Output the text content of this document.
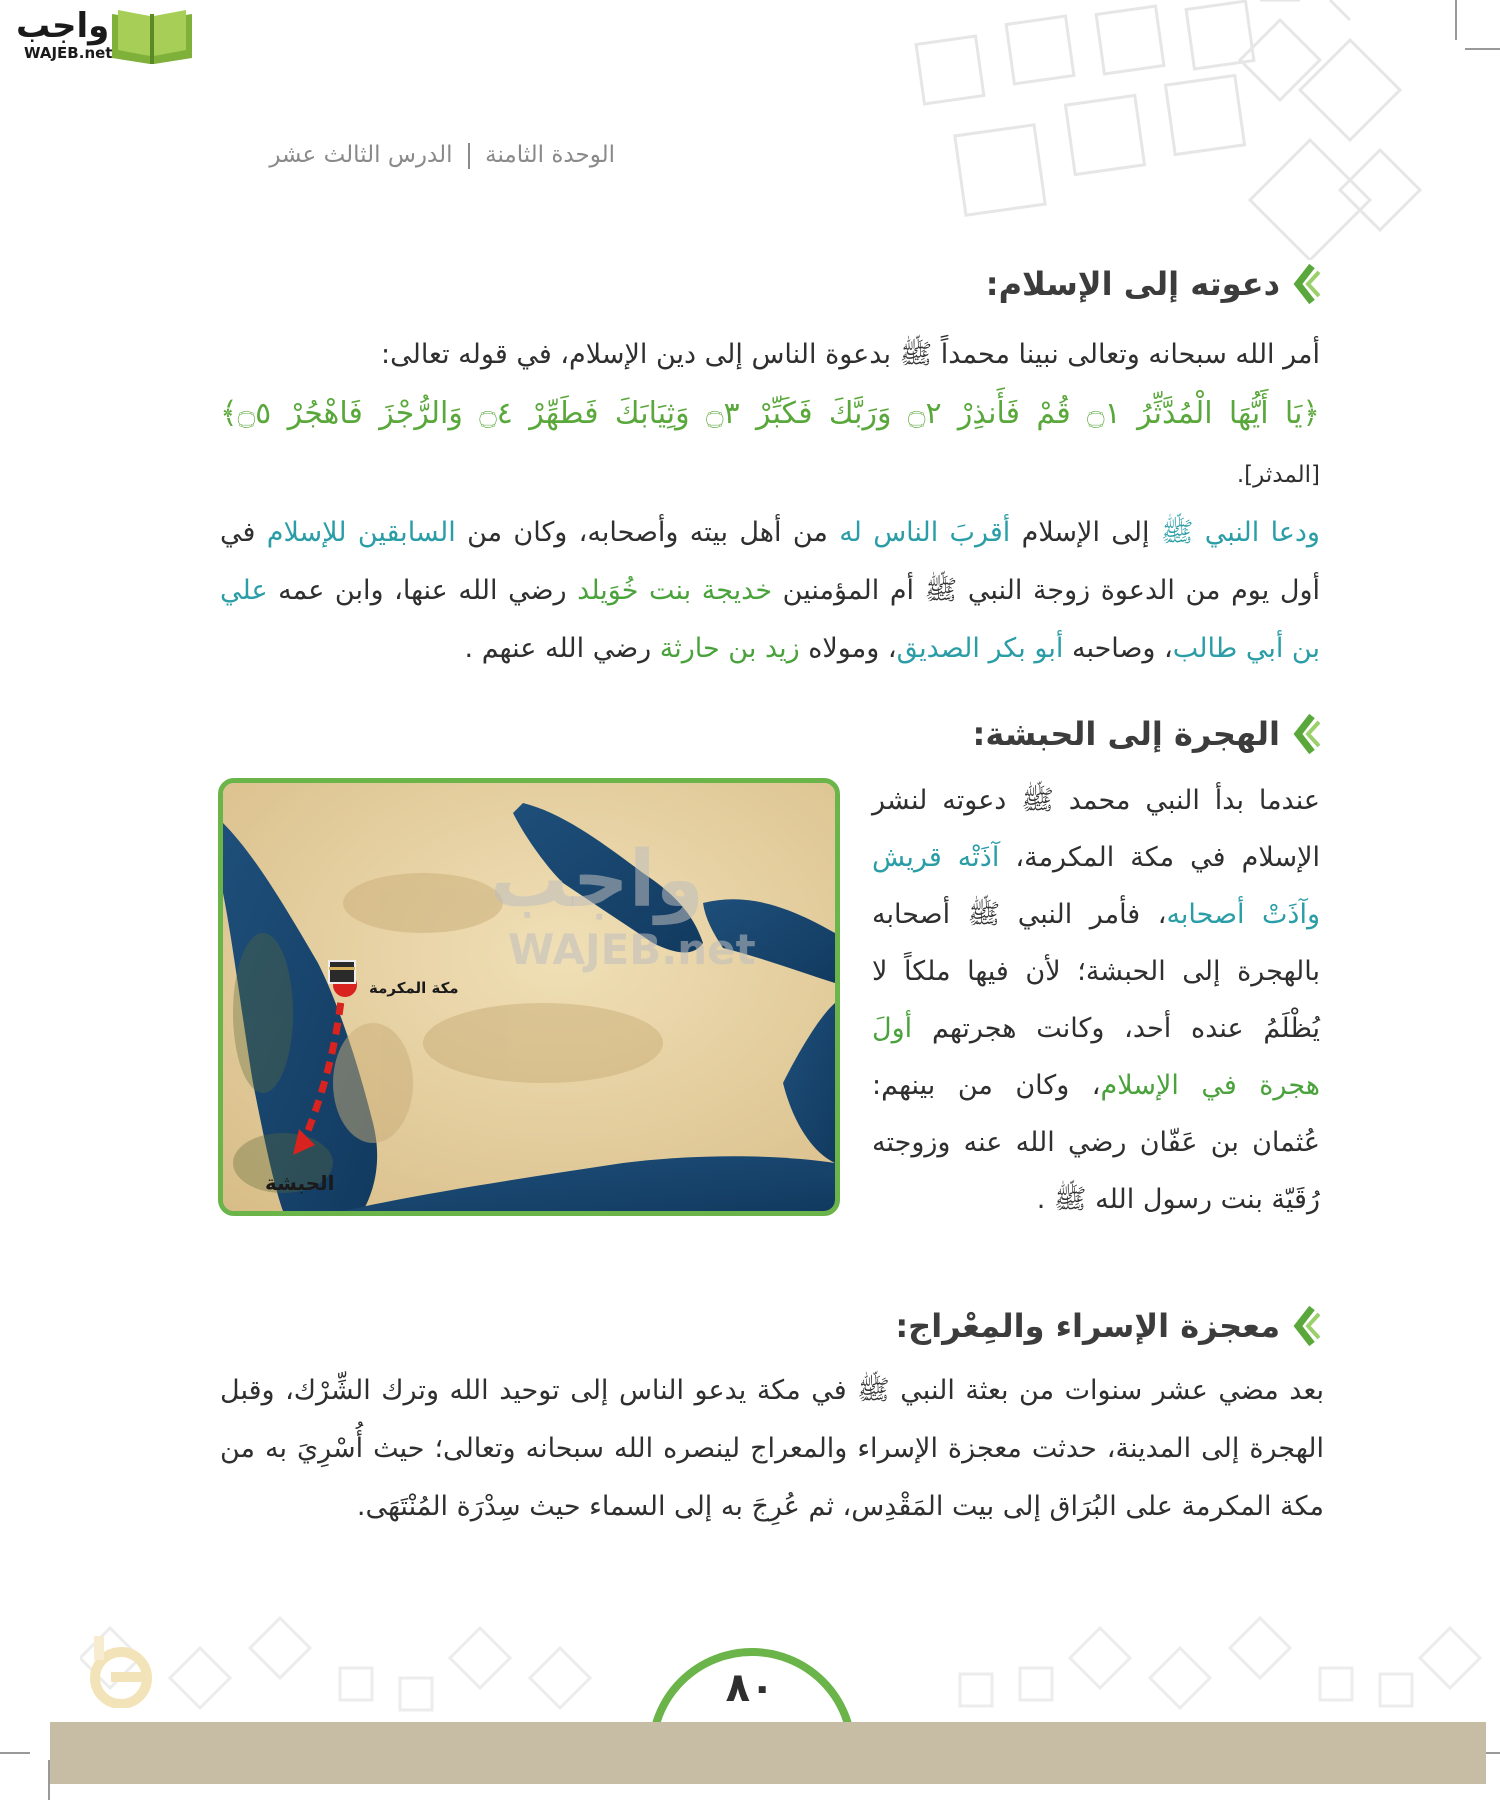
واجب
WAJEB.net
الوحدة الثامنة  الدرس الثالث عشر
دعوته إلى الإسلام:
أمر الله سبحانه وتعالى نبينا محمداً ﷺ بدعوة الناس إلى دين الإسلام، في قوله تعالى:
﴿يَا أَيُّهَا الْمُدَّثِّرُ ۝١ قُمْ فَأَنذِرْ ۝٢ وَرَبَّكَ فَكَبِّرْ ۝٣ وَثِيَابَكَ فَطَهِّرْ ۝٤ وَالرُّجْزَ فَاهْجُرْ ۝٥﴾
[المدثر].
ودعا النبي ﷺ إلى الإسلام أقربَ الناس له من أهل بيته وأصحابه، وكان من السابقين للإسلام في أول يوم من الدعوة زوجة النبي ﷺ أم المؤمنين خديجة بنت خُوَيلد رضي الله عنها، وابن عمه علي بن أبي طالب، وصاحبه أبو بكر الصديق، ومولاه زيد بن حارثة رضي الله عنهم .
الهجرة إلى الحبشة:
عندما بدأ النبي محمد ﷺ دعوته لنشر الإسلام في مكة المكرمة، آذَتْه قريش وآذَتْ أصحابه، فأمر النبي ﷺ أصحابه بالهجرة إلى الحبشة؛ لأن فيها ملكاً لا يُظْلَمُ عنده أحد، وكانت هجرتهم أولَ هجرة في الإسلام، وكان من بينهم: عُثمان بن عَفّان رضي الله عنه وزوجته رُقَيّة بنت رسول الله ﷺ .
مكة المكرمة
الحبشة
واجب
WAJEB.net
معجزة الإسراء والمِعْراج:
بعد مضي عشر سنوات من بعثة النبي ﷺ في مكة يدعو الناس إلى توحيد الله وترك الشِّرْك، وقبل الهجرة إلى المدينة، حدثت معجزة الإسراء والمعراج لينصره الله سبحانه وتعالى؛ حيث أُسْرِيَ به من مكة المكرمة على البُرَاق إلى بيت المَقْدِس، ثم عُرِجَ به إلى السماء حيث سِدْرَة المُنْتَهَى.
٨٠
